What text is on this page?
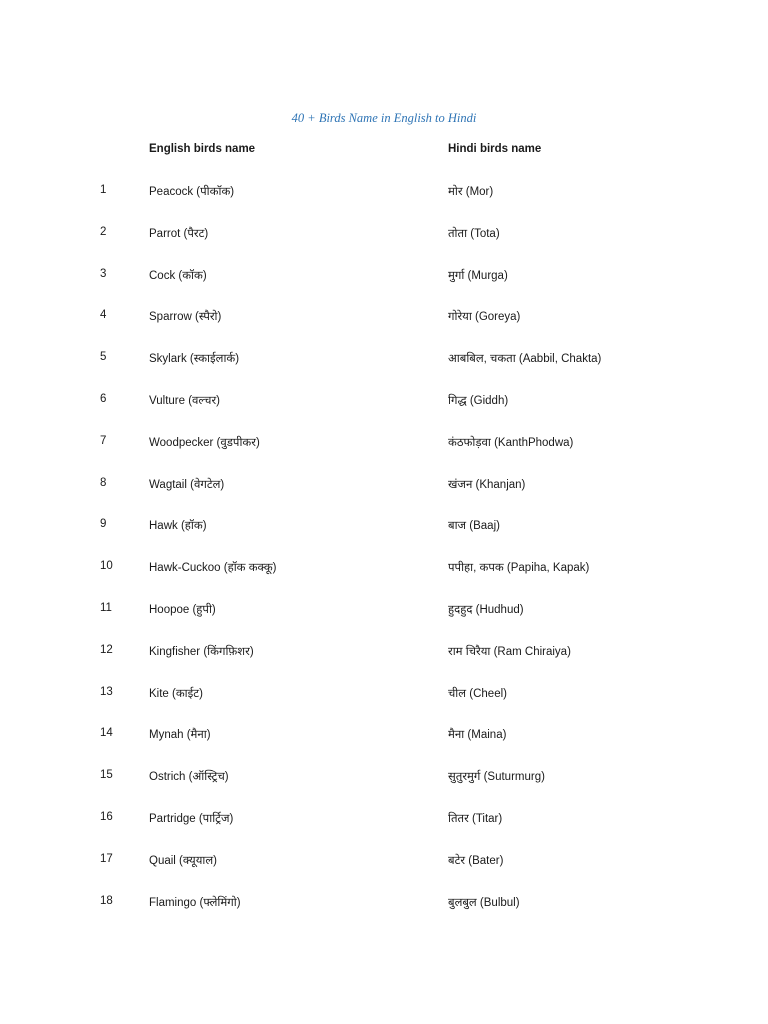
40 + Birds Name in English to Hindi
English birds name	Hindi birds name
1	Peacock (पीकॉक)	मोर (Mor)
2	Parrot (पैरट)	तोता (Tota)
3	Cock (कॉक)	मुर्गा (Murga)
4	Sparrow (स्पैरो)	गोरेया (Goreya)
5	Skylark (स्काईलार्क)	आबबिल, चकता (Aabbil, Chakta)
6	Vulture (वल्चर)	गिद्ध (Giddh)
7	Woodpecker (वुडपीकर)	कंठफोड़वा (KanthPhodwa)
8	Wagtail (वेगटेल)	खंजन (Khanjan)
9	Hawk (हॉक)	बाज (Baaj)
10	Hawk-Cuckoo (हॉक कक्कू)	पपीहा, कपक (Papiha, Kapak)
11	Hoopoe (हुपी)	हुदहुद (Hudhud)
12	Kingfisher (किंगफ़िशर)	राम चिरैया (Ram Chiraiya)
13	Kite (काईट)	चील (Cheel)
14	Mynah (मैना)	मैना (Maina)
15	Ostrich (ऑस्ट्रिच)	सुतुरमुर्ग (Suturmurg)
16	Partridge (पार्ट्रिज)	तितर (Titar)
17	Quail (क्यूयाल)	बटेर (Bater)
18	Flamingo (फ्लेमिंगो)	बुलबुल (Bulbul)
